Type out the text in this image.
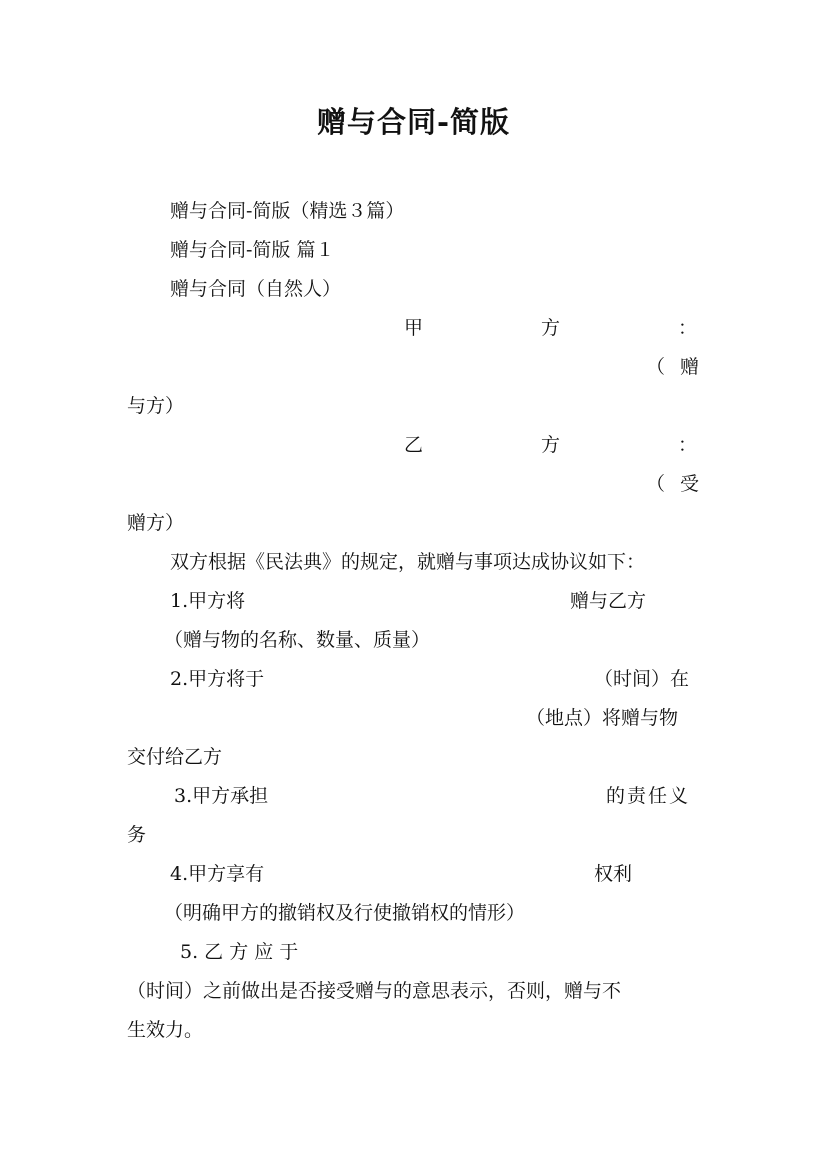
赠与合同-简版
赠与合同-简版（精选３篇）
赠与合同-简版 篇１
赠与合同（自然人）
甲	方	：
（ 赠
与方）
乙	方	：
（ 受
赠方）
双方根据《民法典》的规定，就赠与事项达成协议如下：
1.甲方将	赠与乙方
（赠与物的名称、数量、质量）
2.甲方将于	（时间）在
（地点）将赠与物
交付给乙方
3.甲方承担	的责任义
务
4.甲方享有	权利
（明确甲方的撤销权及行使撤销权的情形）
5. 乙 方 应 于
（时间）之前做出是否接受赠与的意思表示，否则，赠与不
生效力。
